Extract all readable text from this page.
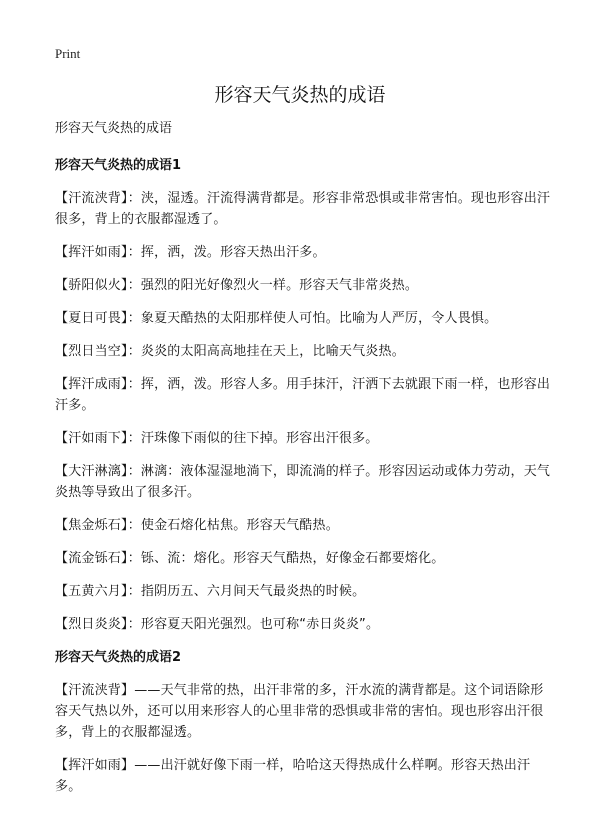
Print
形容天气炎热的成语

形容天气炎热的成语

形容天气炎热的成语1

【汗流浃背】：浃，湿透。汗流得满背都是。形容非常恐惧或非常害怕。现也形容出汗很多，背上的衣服都湿透了。

【挥汗如雨】：挥，洒，泼。形容天热出汗多。

【骄阳似火】：强烈的阳光好像烈火一样。形容天气非常炎热。

【夏日可畏】：象夏天酷热的太阳那样使人可怕。比喻为人严厉，令人畏惧。

【烈日当空】：炎炎的太阳高高地挂在天上，比喻天气炎热。

【挥汗成雨】：挥，洒，泼。形容人多。用手抹汗，汗洒下去就跟下雨一样，也形容出汗多。

【汗如雨下】：汗珠像下雨似的往下掉。形容出汗很多。

【大汗淋漓】：淋漓：液体湿湿地淌下，即流淌的样子。形容因运动或体力劳动，天气炎热等导致出了很多汗。

【焦金烁石】：使金石熔化枯焦。形容天气酷热。

【流金铄石】：铄、流：熔化。形容天气酷热，好像金石都要熔化。

【五黄六月】：指阴历五、六月间天气最炎热的时候。

【烈日炎炎】：形容夏天阳光强烈。也可称“赤日炎炎”。

形容天气炎热的成语2

【汗流浃背】——天气非常的热，出汗非常的多，汗水流的满背都是。这个词语除形容天气热以外，还可以用来形容人的心里非常的恐惧或非常的害怕。现也形容出汗很多，背上的衣服都湿透。

【挥汗如雨】——出汗就好像下雨一样，哈哈这天得热成什么样啊。形容天热出汗多。
